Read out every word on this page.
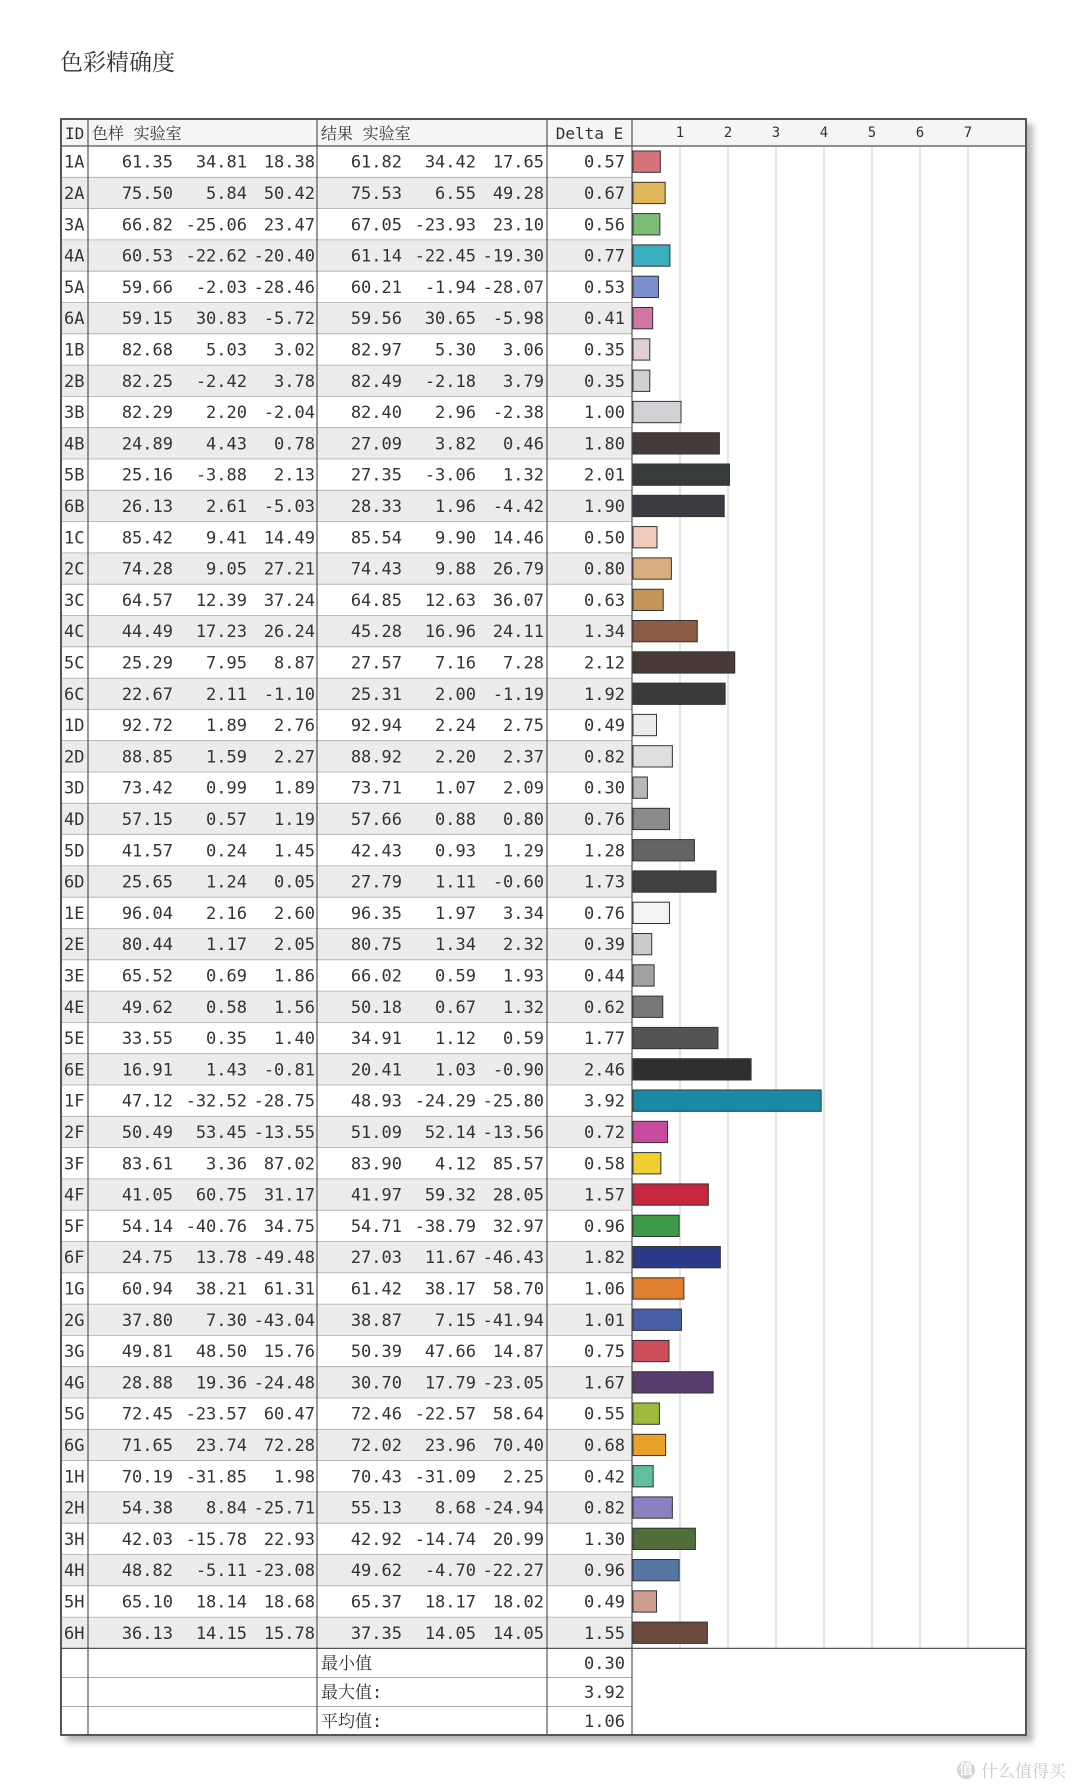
色彩精确度
ID 色样 实验室	结果 实验室	Delta E	1	2	3	4	5	6	7
1A 61.35 34.81 18.38 61.82 34.42 17.65 0.57
2A 75.50 5.84 50.42 75.53 6.55 49.28 0.67
3A 66.82 -25.06 23.47 67.05 -23.93 23.10 0.56
4A 60.53 -22.62 -20.40 61.14 -22.45 -19.30 0.77
5A 59.66 -2.03 -28.46 60.21 -1.94 -28.07 0.53
6A 59.15 30.83 -5.72 59.56 30.65 -5.98 0.41
1B 82.68 5.03 3.02 82.97 5.30 3.06 0.35
2B 82.25 -2.42 3.78 82.49 -2.18 3.79 0.35
3B 82.29 2.20 -2.04 82.40 2.96 -2.38 1.00
4B 24.89 4.43 0.78 27.09 3.82 0.46 1.80
5B 25.16 -3.88 2.13 27.35 -3.06 1.32 2.01
6B 26.13 2.61 -5.03 28.33 1.96 -4.42 1.90
1C 85.42 9.41 14.49 85.54 9.90 14.46 0.50
2C 74.28 9.05 27.21 74.43 9.88 26.79 0.80
3C 64.57 12.39 37.24 64.85 12.63 36.07 0.63
4C 44.49 17.23 26.24 45.28 16.96 24.11 1.34
5C 25.29 7.95 8.87 27.57 7.16 7.28 2.12
6C 22.67 2.11 -1.10 25.31 2.00 -1.19 1.92
1D 92.72 1.89 2.76 92.94 2.24 2.75 0.49
2D 88.85 1.59 2.27 88.92 2.20 2.37 0.82
3D 73.42 0.99 1.89 73.71 1.07 2.09 0.30
4D 57.15 0.57 1.19 57.66 0.88 0.80 0.76
5D 41.57 0.24 1.45 42.43 0.93 1.29 1.28
6D 25.65 1.24 0.05 27.79 1.11 -0.60 1.73
1E 96.04 2.16 2.60 96.35 1.97 3.34 0.76
2E 80.44 1.17 2.05 80.75 1.34 2.32 0.39
3E 65.52 0.69 1.86 66.02 0.59 1.93 0.44
4E 49.62 0.58 1.56 50.18 0.67 1.32 0.62
5E 33.55 0.35 1.40 34.91 1.12 0.59 1.77
6E 16.91 1.43 -0.81 20.41 1.03 -0.90 2.46
1F 47.12 -32.52 -28.75 48.93 -24.29 -25.80 3.92
2F 50.49 53.45 -13.55 51.09 52.14 -13.56 0.72
3F 83.61 3.36 87.02 83.90 4.12 85.57 0.58
4F 41.05 60.75 31.17 41.97 59.32 28.05 1.57
5F 54.14 -40.76 34.75 54.71 -38.79 32.97 0.96
6F 24.75 13.78 -49.48 27.03 11.67 -46.43 1.82
1G 60.94 38.21 61.31 61.42 38.17 58.70 1.06
2G 37.80 7.30 -43.04 38.87 7.15 -41.94 1.01
3G 49.81 48.50 15.76 50.39 47.66 14.87 0.75
4G 28.88 19.36 -24.48 30.70 17.79 -23.05 1.67
5G 72.45 -23.57 60.47 72.46 -22.57 58.64 0.55
6G 71.65 23.74 72.28 72.02 23.96 70.40 0.68
1H 70.19 -31.85 1.98 70.43 -31.09 2.25 0.42
2H 54.38 8.84 -25.71 55.13 8.68 -24.94 0.82
3H 42.03 -15.78 22.93 42.92 -14.74 20.99 1.30
4H 48.82 -5.11 -23.08 49.62 -4.70 -22.27 0.96
5H 65.10 18.14 18.68 65.37 18.17 18.02 0.49
6H 36.13 14.15 15.78 37.35 14.05 14.05 1.55
最小值	0.30
最大值:	3.92
平均值:	1.06
值 什么值得买
